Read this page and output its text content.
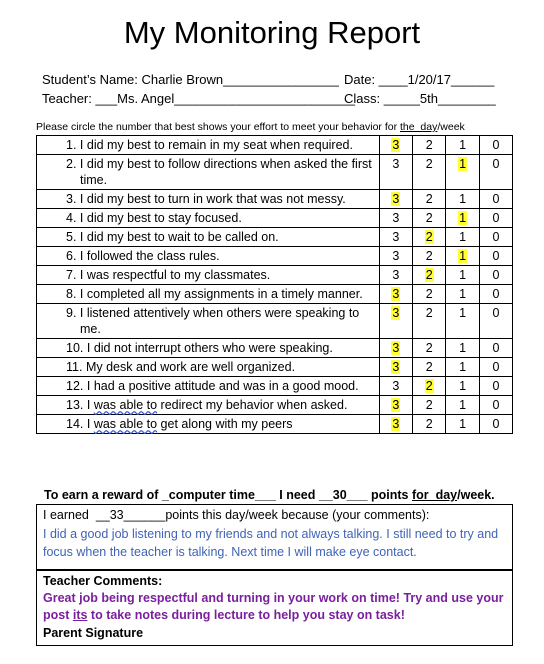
My Monitoring Report
Student’s Name: Charlie Brown________________ Date: ____1/20/17______
Teacher: ___Ms. Angel_________________________
Class: _____5th________
Please circle the number that best shows your effort to meet your behavior for the  day/week
1. I did my best to remain in my seat when required.	3	2	1	0
2. I did my best to follow directions when asked the first time.	3	2	1	0
3. I did my best to turn in work that was not messy.	3	2	1	0
4. I did my best to stay focused.	3	2	1	0
5. I did my best to wait to be called on.	3	2	1	0
6. I followed the class rules.	3	2	1	0
7. I was respectful to my classmates.	3	2	1	0
8. I completed all my assignments in a timely manner.	3	2	1	0
9. I listened attentively when others were speaking to me.	3	2	1	0
10. I did not interrupt others who were speaking.	3	2	1	0
11. My desk and work are well organized.	3	2	1	0
12. I had a positive attitude and was in a good mood.	3	2	1	0
13. I was able to redirect my behavior when asked.	3	2	1	0
14. I was able to get along with my peers	3	2	1	0
To earn a reward of _computer time___ I need __30___ points for  day/week.
I earned  __33______points this day/week because (your comments):
I did a good job listening to my friends and not always talking. I still need to try and focus when the teacher is talking. Next time I will make eye contact.
Teacher Comments:
Great job being respectful and turning in your work on time! Try and use your post its to take notes during lecture to help you stay on task!
Parent Signature
